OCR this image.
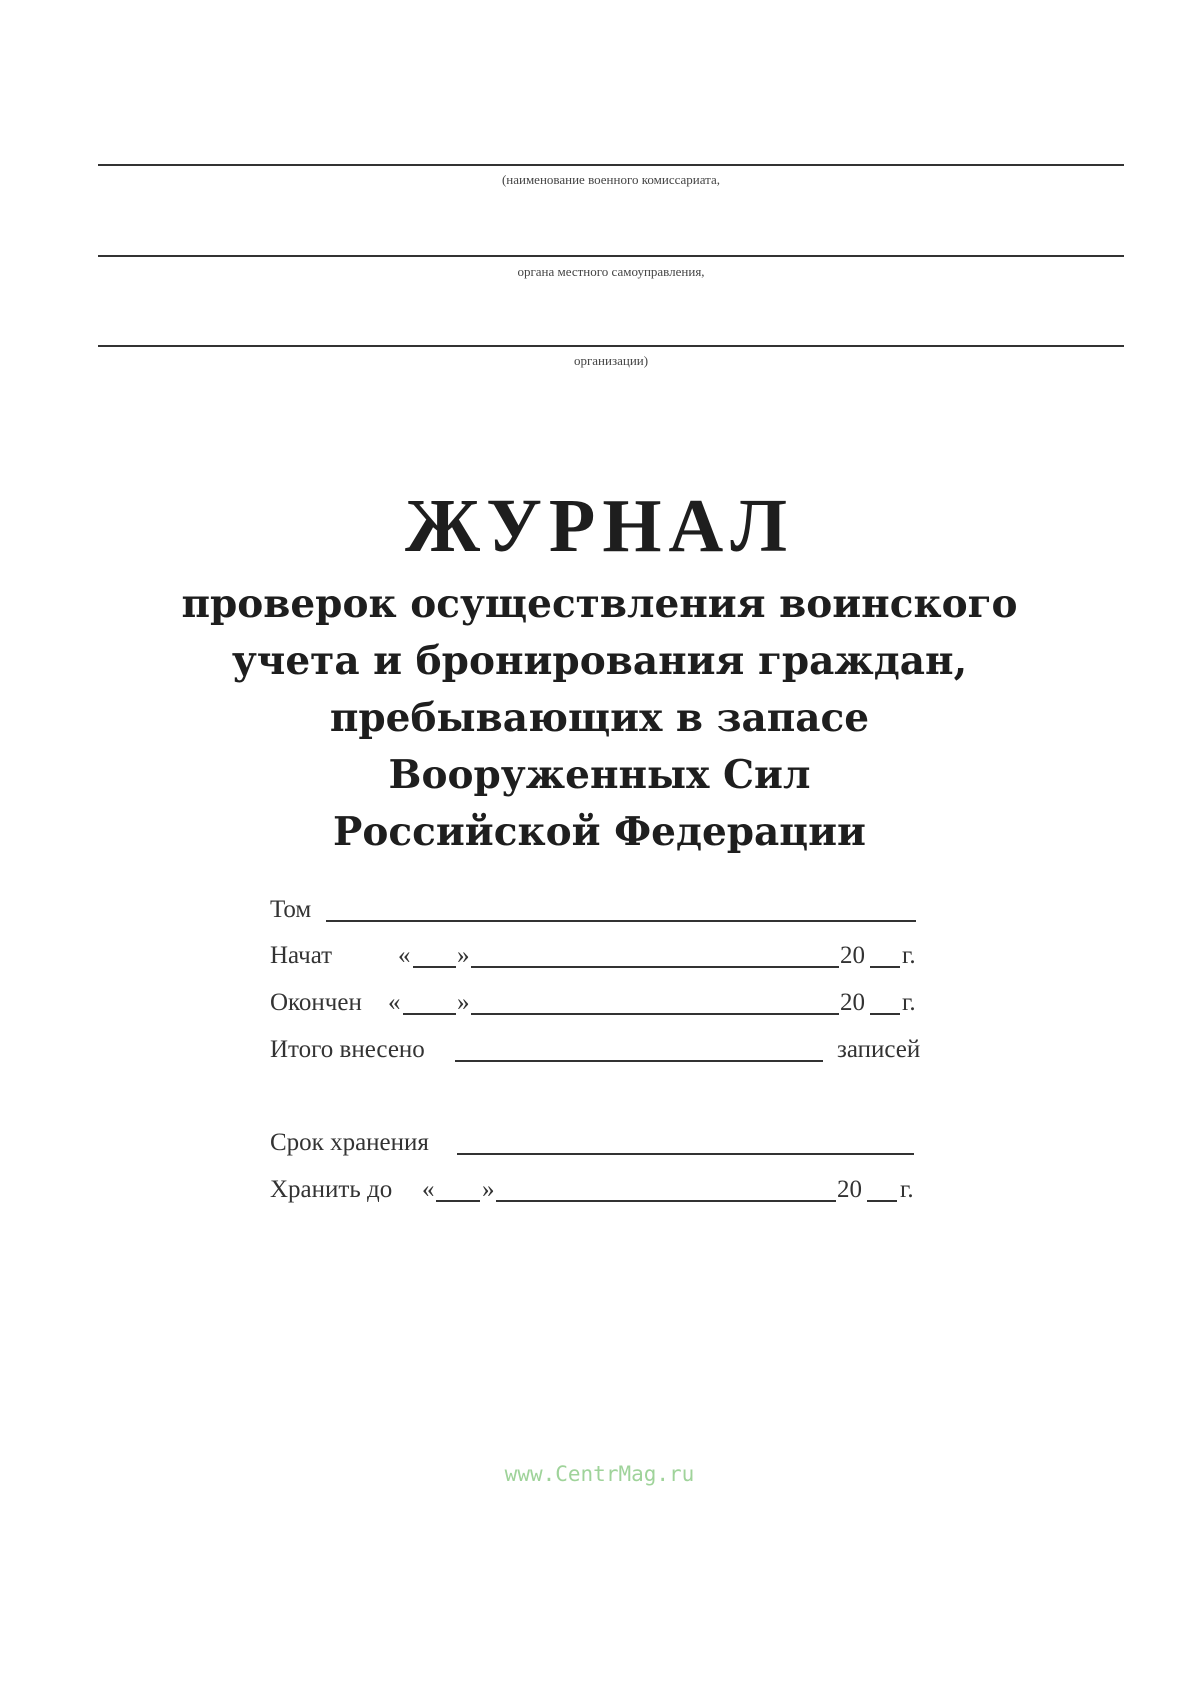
(наименование военного комиссариата,
органа местного самоуправления,
организации)
ЖУРНАЛ
проверок осуществления воинского
учета и бронирования граждан,
пребывающих в запасе
Вооруженных Сил
Российской Федерации
Том
Начат	« »	20 г.
Окончен « »	20 г.
Итого внесено	записей
Срок хранения
Хранить до « »	20 г.
www.CentrMag.ru
